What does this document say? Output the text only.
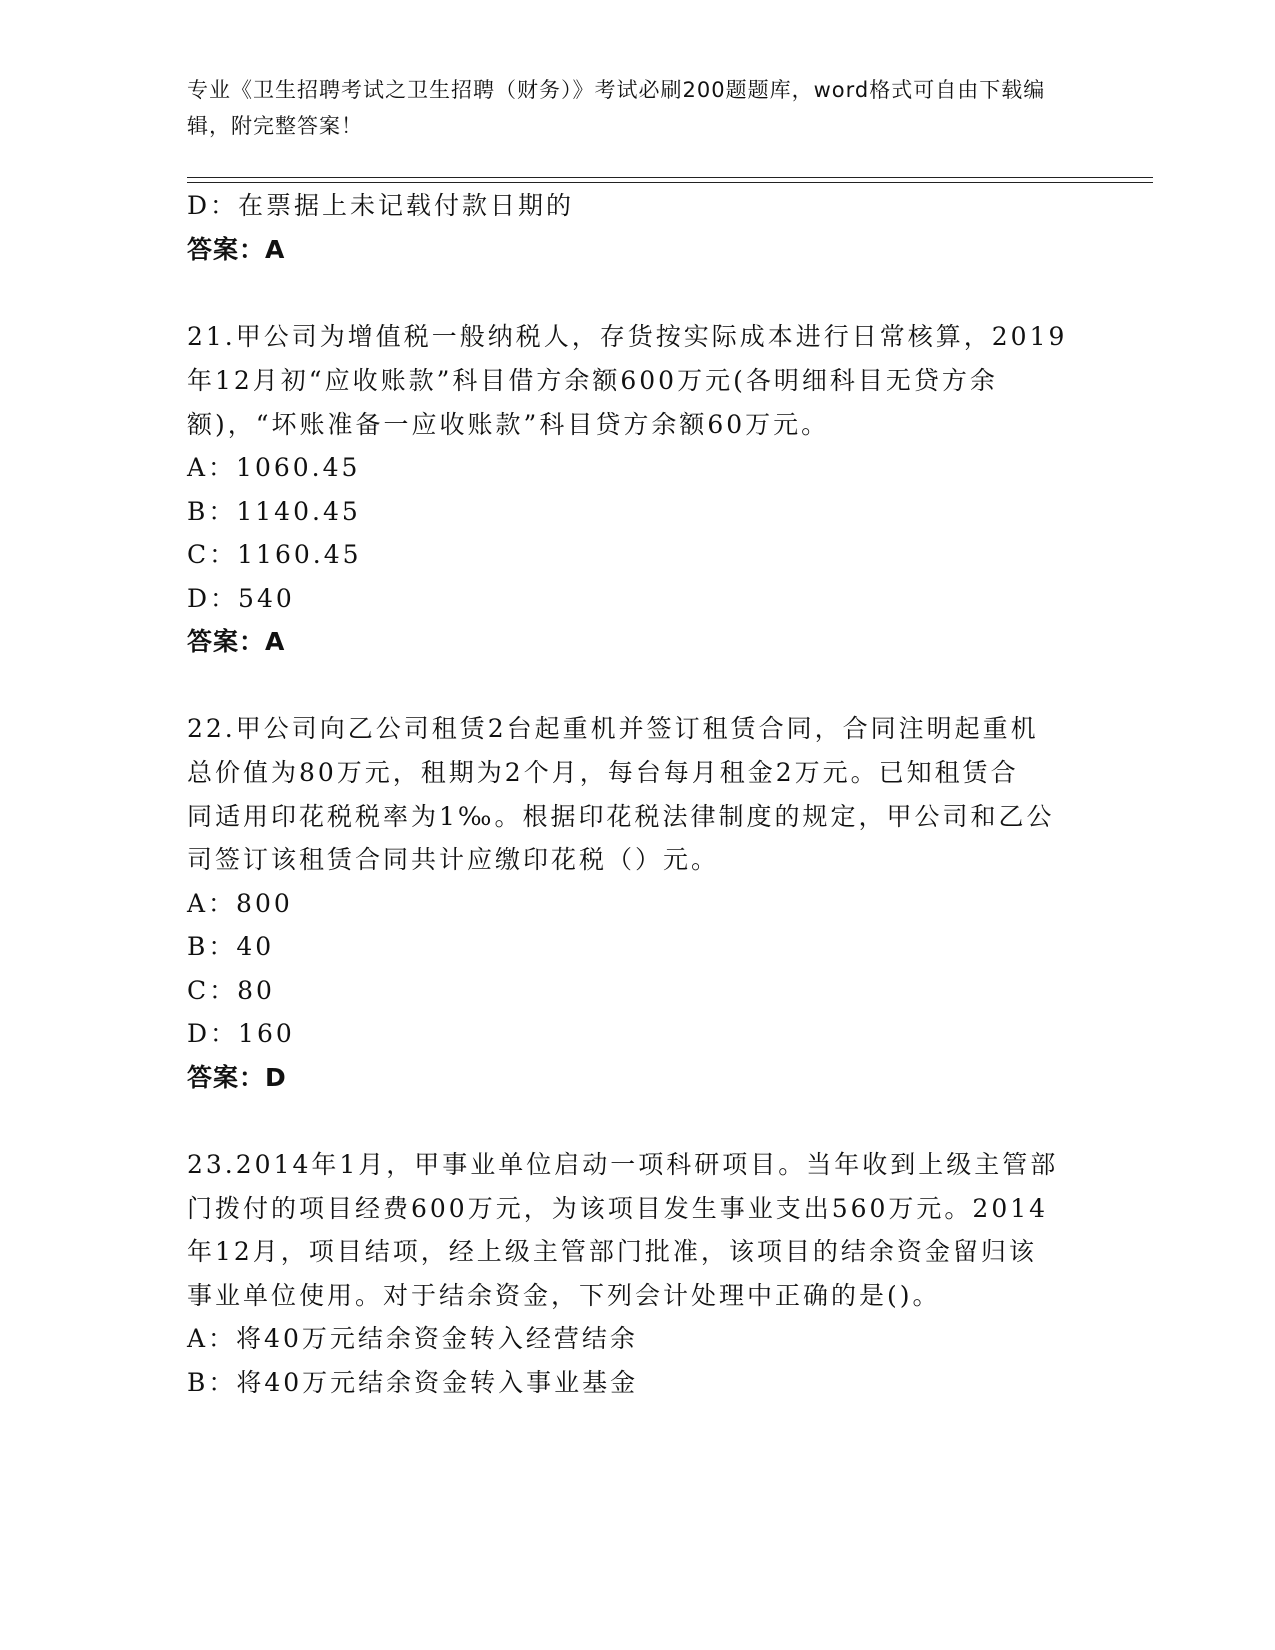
专业《卫生招聘考试之卫生招聘（财务）》考试必刷200题题库，word格式可自由下载编辑，附完整答案！
D：在票据上未记载付款日期的
答案：A
21.甲公司为增值税一般纳税人，存货按实际成本进行日常核算，2019
年12月初“应收账款”科目借方余额600万元(各明细科目无贷方余
额)，“坏账准备一应收账款”科目贷方余额60万元。
A：1060.45
B：1140.45
C：1160.45
D：540
答案：A
22.甲公司向乙公司租赁2台起重机并签订租赁合同，合同注明起重机
总价值为80万元，租期为2个月，每台每月租金2万元。已知租赁合
同适用印花税税率为1‰。根据印花税法律制度的规定，甲公司和乙公
司签订该租赁合同共计应缴印花税（）元。
A：800
B：40
C：80
D：160
答案：D
23.2014年1月，甲事业单位启动一项科研项目。当年收到上级主管部
门拨付的项目经费600万元，为该项目发生事业支出560万元。2014
年12月，项目结项，经上级主管部门批准，该项目的结余资金留归该
事业单位使用。对于结余资金，下列会计处理中正确的是()。
A：将40万元结余资金转入经营结余
B：将40万元结余资金转入事业基金
